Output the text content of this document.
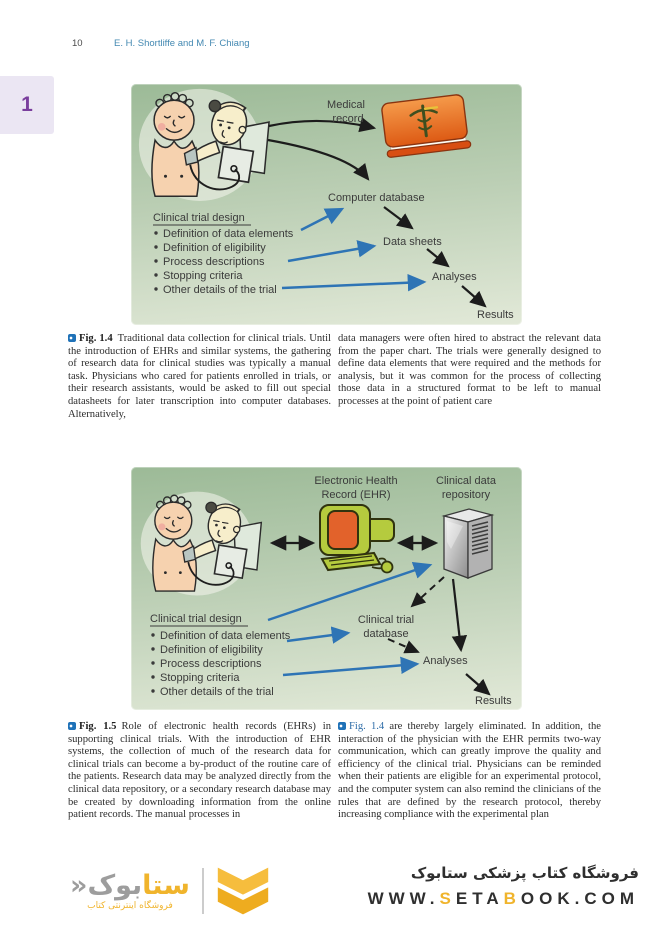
10	E. H. Shortliffe and M. F. Chiang
1	Medical
record
Computer database
Data sheets
Analyses
Results
Clinical trial design
Definition of data elements
Definition of eligibility
Process descriptions
Stopping criteria
Other details of the trial

Fig. 1.4 Traditional data collection for clinical trials. Until the introduction of EHRs and similar systems, the gathering of research data for clinical studies was typically a manual task. Physicians who cared for patients enrolled in trials, or their research assistants, would be asked to fill out special datasheets for later transcription into computer databases. Alternatively,

data managers were often hired to abstract the relevant data from the paper chart. The trials were generally designed to define data elements that were required and the methods for analysis, but it was common for the process of collecting those data in a structured format to be left to manual processes at the point of patient care

Electronic Health
Record (EHR)
Clinical data
repository
Clinical trial
database
Analyses
Results
Clinical trial design
Definition of data elements
Definition of eligibility
Process descriptions
Stopping criteria
Other details of the trial

Fig. 1.5 Role of electronic health records (EHRs) in supporting clinical trials. With the introduction of EHR systems, the collection of much of the research data for clinical trials can become a by-product of the routine care of the patients. Research data may be analyzed directly from the clinical data repository, or a secondary research database may be created by downloading information from the online patient records. The manual processes in

Fig. 1.4 are thereby largely eliminated. In addition, the interaction of the physician with the EHR permits two-way communication, which can greatly improve the quality and efficiency of the clinical trial. Physicians can be reminded when their patients are eligible for an experimental protocol, and the computer system can also remind the clinicians of the rules that are defined by the research protocol, thereby increasing compliance with the experimental plan

ستابوک«
فروشگاه اینترنتی کتاب
فروشگاه کتاب پزشکی ستابوک
WWW.SETABOOK.COM
